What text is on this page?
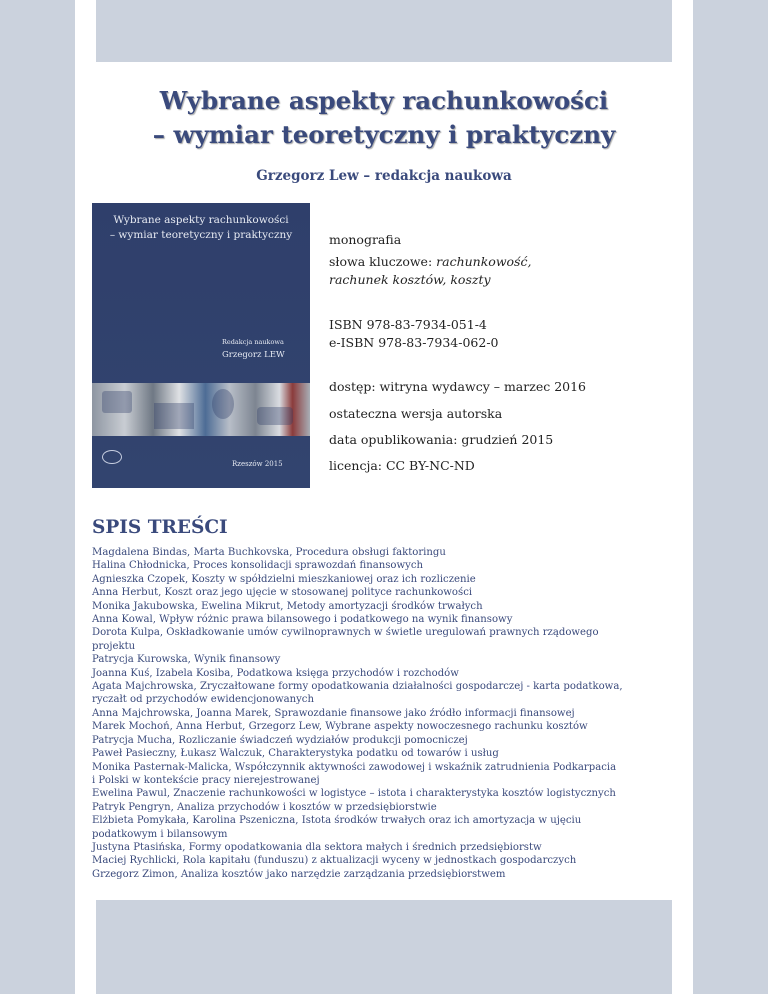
Wybrane aspekty rachunkowości
– wymiar teoretyczny i praktyczny
Grzegorz Lew – redakcja naukowa
Wybrane aspekty rachunkowości
– wymiar teoretyczny i praktyczny
Redakcja naukowa
Grzegorz LEW
Rzeszów 2015
monografia
słowa kluczowe: rachunkowość,
rachunek kosztów, koszty
ISBN 978-83-7934-051-4
e-ISBN 978-83-7934-062-0
dostęp: witryna wydawcy – marzec 2016
ostateczna wersja autorska
data opublikowania: grudzień 2015
licencja: CC BY-NC-ND
SPIS TREŚCI
Magdalena Bindas, Marta Buchkovska, Procedura obsługi faktoringu
Halina Chłodnicka, Proces konsolidacji sprawozdań finansowych
Agnieszka Czopek, Koszty w spółdzielni mieszkaniowej oraz ich rozliczenie
Anna Herbut, Koszt oraz jego ujęcie w stosowanej polityce rachunkowości
Monika Jakubowska, Ewelina Mikrut, Metody amortyzacji środków trwałych
Anna Kowal, Wpływ różnic prawa bilansowego i podatkowego na wynik finansowy
Dorota Kulpa, Oskładkowanie umów cywilnoprawnych w świetle uregulowań prawnych rządowego
projektu
Patrycja Kurowska, Wynik finansowy
Joanna Kuś, Izabela Kosiba, Podatkowa księga przychodów i rozchodów
Agata Majchrowska, Zryczałtowane formy opodatkowania działalności gospodarczej - karta podatkowa,
ryczałt od przychodów ewidencjonowanych
Anna Majchrowska, Joanna Marek, Sprawozdanie finansowe jako źródło informacji finansowej
Marek Mochoń, Anna Herbut, Grzegorz Lew, Wybrane aspekty nowoczesnego rachunku kosztów
Patrycja Mucha, Rozliczanie świadczeń wydziałów produkcji pomocniczej
Paweł Pasieczny, Łukasz Walczuk, Charakterystyka podatku od towarów i usług
Monika Pasternak-Malicka, Współczynnik aktywności zawodowej i wskaźnik zatrudnienia Podkarpacia
i Polski w kontekście pracy nierejestrowanej
Ewelina Pawul, Znaczenie rachunkowości w logistyce – istota i charakterystyka kosztów logistycznych
Patryk Pengryn, Analiza przychodów i kosztów w przedsiębiorstwie
Elżbieta Pomykała, Karolina Pszeniczna, Istota środków trwałych oraz ich amortyzacja w ujęciu
podatkowym i bilansowym
Justyna Ptasińska, Formy opodatkowania dla sektora małych i średnich przedsiębiorstw
Maciej Rychlicki, Rola kapitału (funduszu) z aktualizacji wyceny w jednostkach gospodarczych
Grzegorz Zimon, Analiza kosztów jako narzędzie zarządzania przedsiębiorstwem
